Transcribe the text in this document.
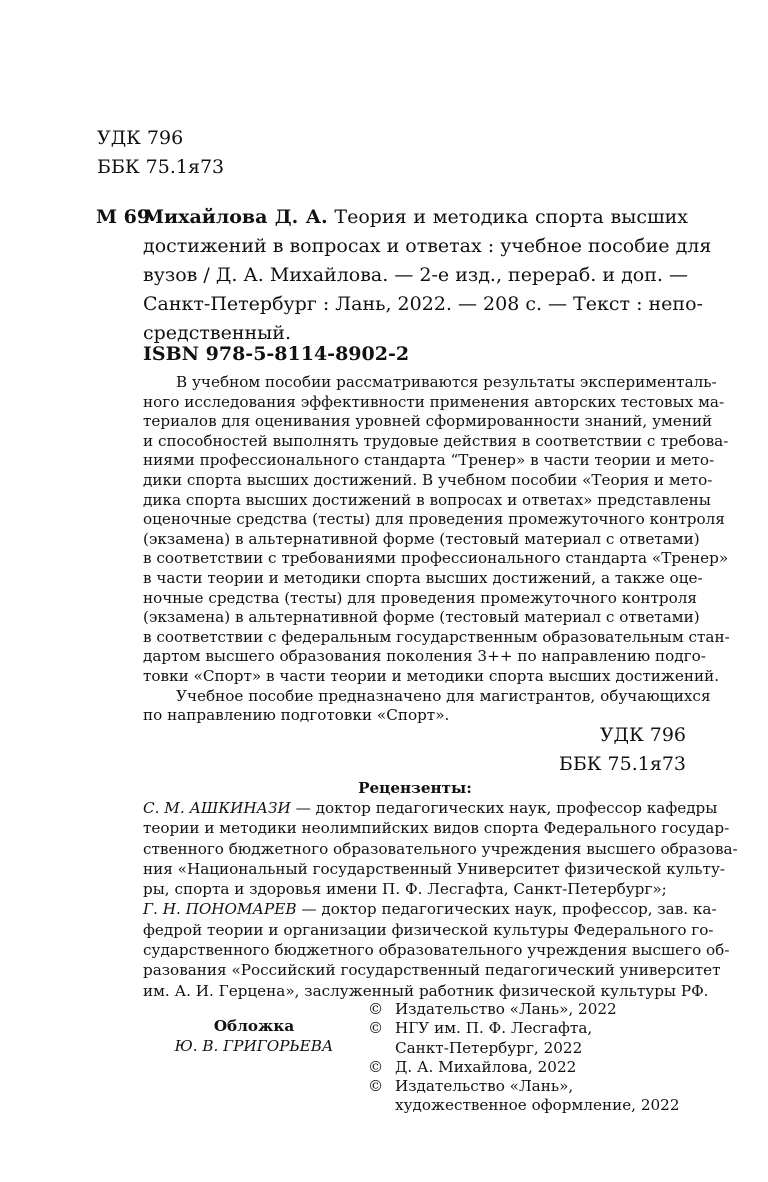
УДК 796
ББК 75.1я73
М 69
Михайлова Д. А. Теория и методика спорта высших
достижений в вопросах и ответах : учебное пособие для
вузов / Д. А. Михайлова. — 2-е изд., перераб. и доп. —
Санкт-Петербург : Лань, 2022. — 208 с. — Текст : непо-
средственный.
ISBN 978-5-8114-8902-2
В учебном пособии рассматриваются результаты эксперименталь-
ного исследования эффективности применения авторских тестовых ма-
териалов для оценивания уровней сформированности знаний, умений
и способностей выполнять трудовые действия в соответствии с требова-
ниями профессионального стандарта “Тренер» в части теории и мето-
дики спорта высших достижений. В учебном пособии «Теория и мето-
дика спорта высших достижений в вопросах и ответах» представлены
оценочные средства (тесты) для проведения промежуточного контроля
(экзамена) в альтернативной форме (тестовый материал с ответами)
в соответствии с требованиями профессионального стандарта «Тренер»
в части теории и методики спорта высших достижений, а также оце-
ночные средства (тесты) для проведения промежуточного контроля
(экзамена) в альтернативной форме (тестовый материал с ответами)
в соответствии с федеральным государственным образовательным стан-
дартом высшего образования поколения 3++ по направлению подго-
товки «Спорт» в части теории и методики спорта высших достижений.
Учебное пособие предназначено для магистрантов, обучающихся
по направлению подготовки «Спорт».
УДК 796
ББК 75.1я73
Рецензенты:
С. М. АШКИНАЗИ — доктор педагогических наук, профессор кафедры
теории и методики неолимпийских видов спорта Федерального государ-
ственного бюджетного образовательного учреждения высшего образова-
ния «Национальный государственный Университет физической культу-
ры, спорта и здоровья имени П. Ф. Лесгафта, Санкт-Петербург»;
Г. Н. ПОНОМАРЕВ — доктор педагогических наук, профессор, зав. ка-
федрой теории и организации физической культуры Федерального го-
сударственного бюджетного образовательного учреждения высшего об-
разования «Российский государственный педагогический университет
им. А. И. Герцена», заслуженный работник физической культуры РФ.
Обложка
Ю. В. ГРИГОРЬЕВА
© Издательство «Лань», 2022
© НГУ им. П. Ф. Лесгафта,
Санкт-Петербург, 2022
© Д. А. Михайлова, 2022
© Издательство «Лань»,
художественное оформление, 2022
